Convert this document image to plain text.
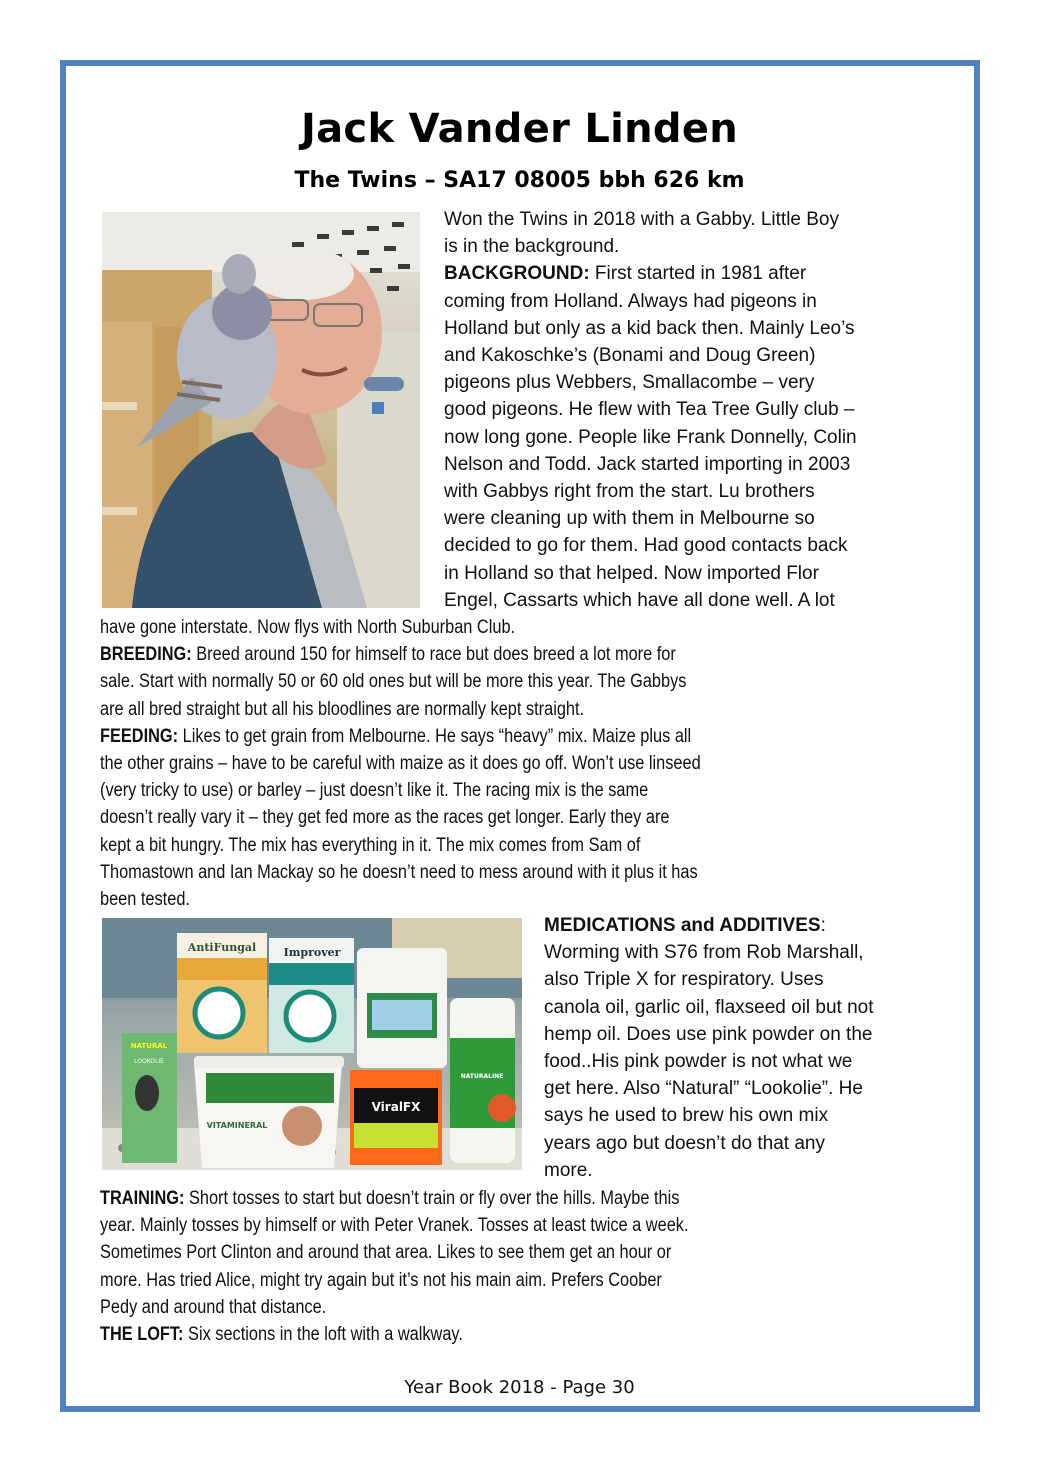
Jack Vander Linden
The Twins – SA17 08005 bbh 626 km
Won the Twins in 2018 with a Gabby. Little Boy
is in the background.
BACKGROUND: First started in 1981 after
coming from Holland. Always had pigeons in
Holland but only as a kid back then. Mainly Leo’s
and Kakoschke’s (Bonami and Doug Green)
pigeons plus Webbers, Smallacombe – very
good pigeons. He flew with Tea Tree Gully club –
now long gone. People like Frank Donnelly, Colin
Nelson and Todd. Jack started importing in 2003
with Gabbys right from the start. Lu brothers
were cleaning up with them in Melbourne so
decided to go for them. Had good contacts back
in Holland so that helped. Now imported Flor
Engel, Cassarts which have all done well. A lot
have gone interstate. Now flys with North Suburban Club.
BREEDING: Breed around 150 for himself to race but does breed a lot more for
sale. Start with normally 50 or 60 old ones but will be more this year. The Gabbys
are all bred straight but all his bloodlines are normally kept straight.
FEEDING: Likes to get grain from Melbourne. He says “heavy” mix. Maize plus all
the other grains – have to be careful with maize as it does go off. Won’t use linseed
(very tricky to use) or barley – just doesn’t like it. The racing mix is the same
doesn’t really vary it – they get fed more as the races get longer. Early they are
kept a bit hungry. The mix has everything in it. The mix comes from Sam of
Thomastown and Ian Mackay so he doesn’t need to mess around with it plus it has
been tested.
AntiFungal Improver
NATURAL
LOOKOLIE
VITAMINERAL
ViralFX
NATURALINE
MEDICATIONS and ADDITIVES:
Worming with S76 from Rob Marshall,
also Triple X for respiratory. Uses
canola oil, garlic oil, flaxseed oil but not
hemp oil. Does use pink powder on the
food..His pink powder is not what we
get here. Also “Natural” “Lookolie”. He
says he used to brew his own mix
years ago but doesn’t do that any
more.
TRAINING: Short tosses to start but doesn’t train or fly over the hills. Maybe this
year. Mainly tosses by himself or with Peter Vranek. Tosses at least twice a week.
Sometimes Port Clinton and around that area. Likes to see them get an hour or
more. Has tried Alice, might try again but it’s not his main aim. Prefers Coober
Pedy and around that distance.
THE LOFT: Six sections in the loft with a walkway.
Year Book 2018 - Page 30
